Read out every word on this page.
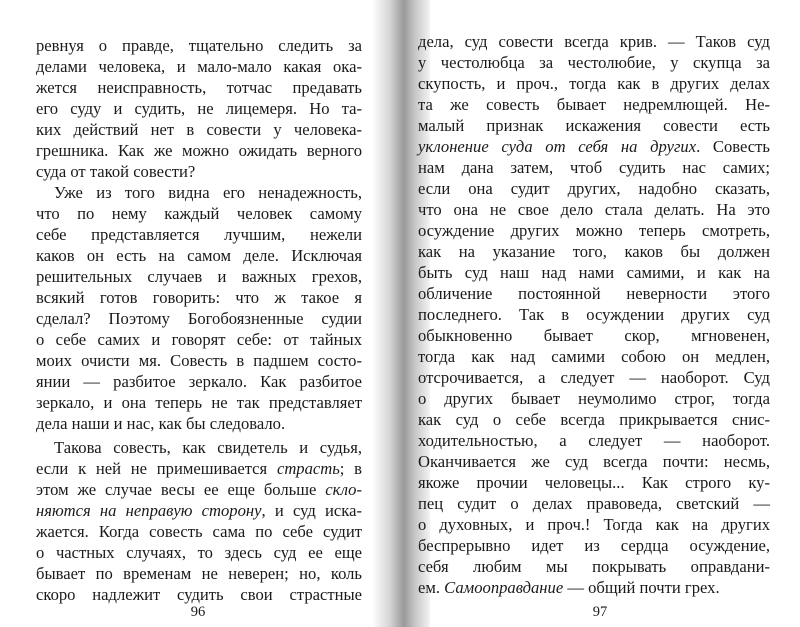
ревнуя о правде, тщательно следить за

делами человека, и мало-мало какая ока-

жется неисправность, тотчас предавать

его суду и судить, не лицемеря. Но та-

ких действий нет в совести у человека-

грешника. Как же можно ожидать верного

суда от такой совести?

Уже из того видна его ненадежность,

что по нему каждый человек самому

себе представляется лучшим, нежели

каков он есть на самом деле. Исключая

решительных случаев и важных грехов,

всякий готов говорить: что ж такое я

сделал? Поэтому Богобоязненные судии

о себе самих и говорят себе: от тайных

моих очисти мя. Совесть в падшем состо-

янии — разбитое зеркало. Как разбитое

зеркало, и она теперь не так представляет

дела наши и нас, как бы следовало.

Такова совесть, как свидетель и судья,

если к ней не примешивается страсть; в

этом же случае весы ее еще больше скло-

няются на неправую сторону, и суд иска-

жается. Когда совесть сама по себе судит

о частных случаях, то здесь суд ее еще

бывает по временам не неверен; но, коль

скоро надлежит судить свои страстные

96

дела, суд совести всегда крив. — Таков суд

у честолюбца за честолюбие, у скупца за

скупость, и проч., тогда как в других делах

та же совесть бывает недремлющей. Не-

малый признак искажения совести есть

уклонение суда от себя на других. Совесть

нам дана затем, чтоб судить нас самих;

если она судит других, надобно сказать,

что она не свое дело стала делать. На это

осуждение других можно теперь смотреть,

как на указание того, каков бы должен

быть суд наш над нами самими, и как на

обличение постоянной неверности этого

последнего. Так в осуждении других суд

обыкновенно бывает скор, мгновенен,

тогда как над самими собою он медлен,

отсрочивается, а следует — наоборот. Суд

о других бывает неумолимо строг, тогда

как суд о себе всегда прикрывается снис-

ходительностью, а следует — наоборот.

Оканчивается же суд всегда почти: несмь,

якоже прочии человецы... Как строго ку-

пец судит о делах правоведа, светский —

о духовных, и проч.! Тогда как на других

беспрерывно идет из сердца осуждение,

себя любим мы покрывать оправдани-

ем. Самооправдание — общий почти грех.

97
